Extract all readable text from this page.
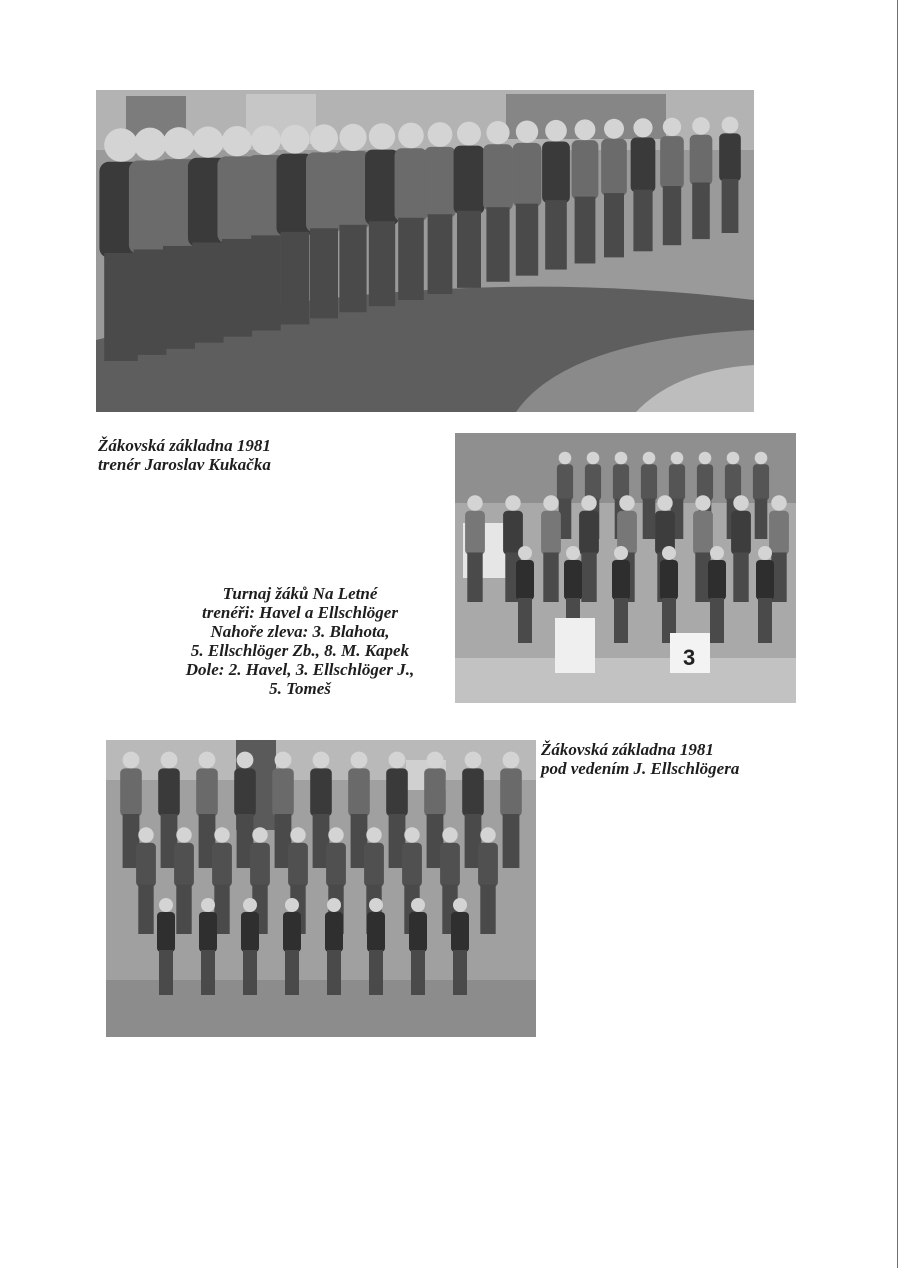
3

Žákovská základna 1981
trenér Jaroslav Kukačka

Turnaj žáků Na Letné
trenéři: Havel a Ellschlöger
Nahoře zleva: 3. Blahota,
5. Ellschlöger Zb., 8. M. Kapek
Dole: 2. Havel, 3. Ellschlöger J.,
5. Tomeš

Žákovská základna 1981
pod vedením J. Ellschlögera
